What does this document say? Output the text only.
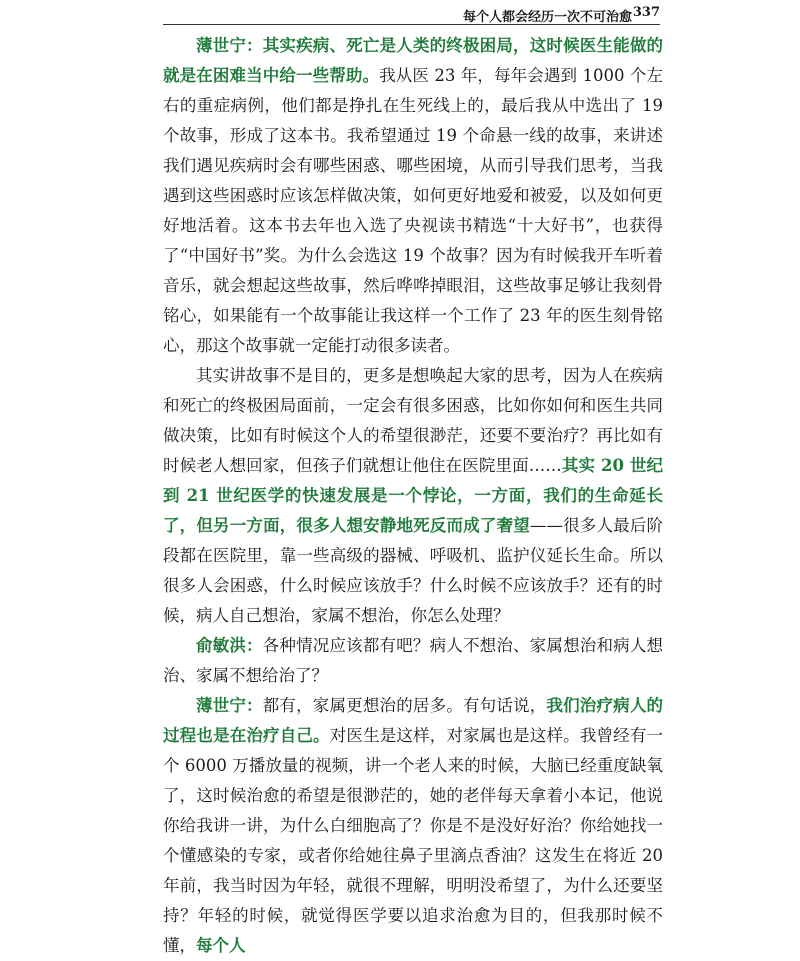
每个人都会经历一次不可治愈 337

薄世宁：其实疾病、死亡是人类的终极困局，这时候医生能做的就是在困难当中给一些帮助。我从医 23 年，每年会遇到 1000 个左右的重症病例，他们都是挣扎在生死线上的，最后我从中选出了 19 个故事，形成了这本书。我希望通过 19 个命悬一线的故事，来讲述我们遇见疾病时会有哪些困惑、哪些困境，从而引导我们思考，当我遇到这些困惑时应该怎样做决策，如何更好地爱和被爱，以及如何更好地活着。这本书去年也入选了央视读书精选“十大好书”，也获得了“中国好书”奖。为什么会选这 19 个故事？因为有时候我开车听着音乐，就会想起这些故事，然后哗哗掉眼泪，这些故事足够让我刻骨铭心，如果能有一个故事能让我这样一个工作了 23 年的医生刻骨铭心，那这个故事就一定能打动很多读者。

其实讲故事不是目的，更多是想唤起大家的思考，因为人在疾病和死亡的终极困局面前，一定会有很多困惑，比如你如何和医生共同做决策，比如有时候这个人的希望很渺茫，还要不要治疗？再比如有时候老人想回家，但孩子们就想让他住在医院里面……其实 20 世纪到 21 世纪医学的快速发展是一个悖论，一方面，我们的生命延长了，但另一方面，很多人想安静地死反而成了奢望——很多人最后阶段都在医院里，靠一些高级的器械、呼吸机、监护仪延长生命。所以很多人会困惑，什么时候应该放手？什么时候不应该放手？还有的时候，病人自己想治，家属不想治，你怎么处理？

俞敏洪：各种情况应该都有吧？病人不想治、家属想治和病人想治、家属不想给治了？

薄世宁：都有，家属更想治的居多。有句话说，我们治疗病人的过程也是在治疗自己。对医生是这样，对家属也是这样。我曾经有一个 6000 万播放量的视频，讲一个老人来的时候，大脑已经重度缺氧了，这时候治愈的希望是很渺茫的，她的老伴每天拿着小本记，他说你给我讲一讲，为什么白细胞高了？你是不是没好好治？你给她找一个懂感染的专家，或者你给她往鼻子里滴点香油？这发生在将近 20 年前，我当时因为年轻，就很不理解，明明没希望了，为什么还要坚持？年轻的时候，就觉得医学要以追求治愈为目的，但我那时候不懂，每个人
